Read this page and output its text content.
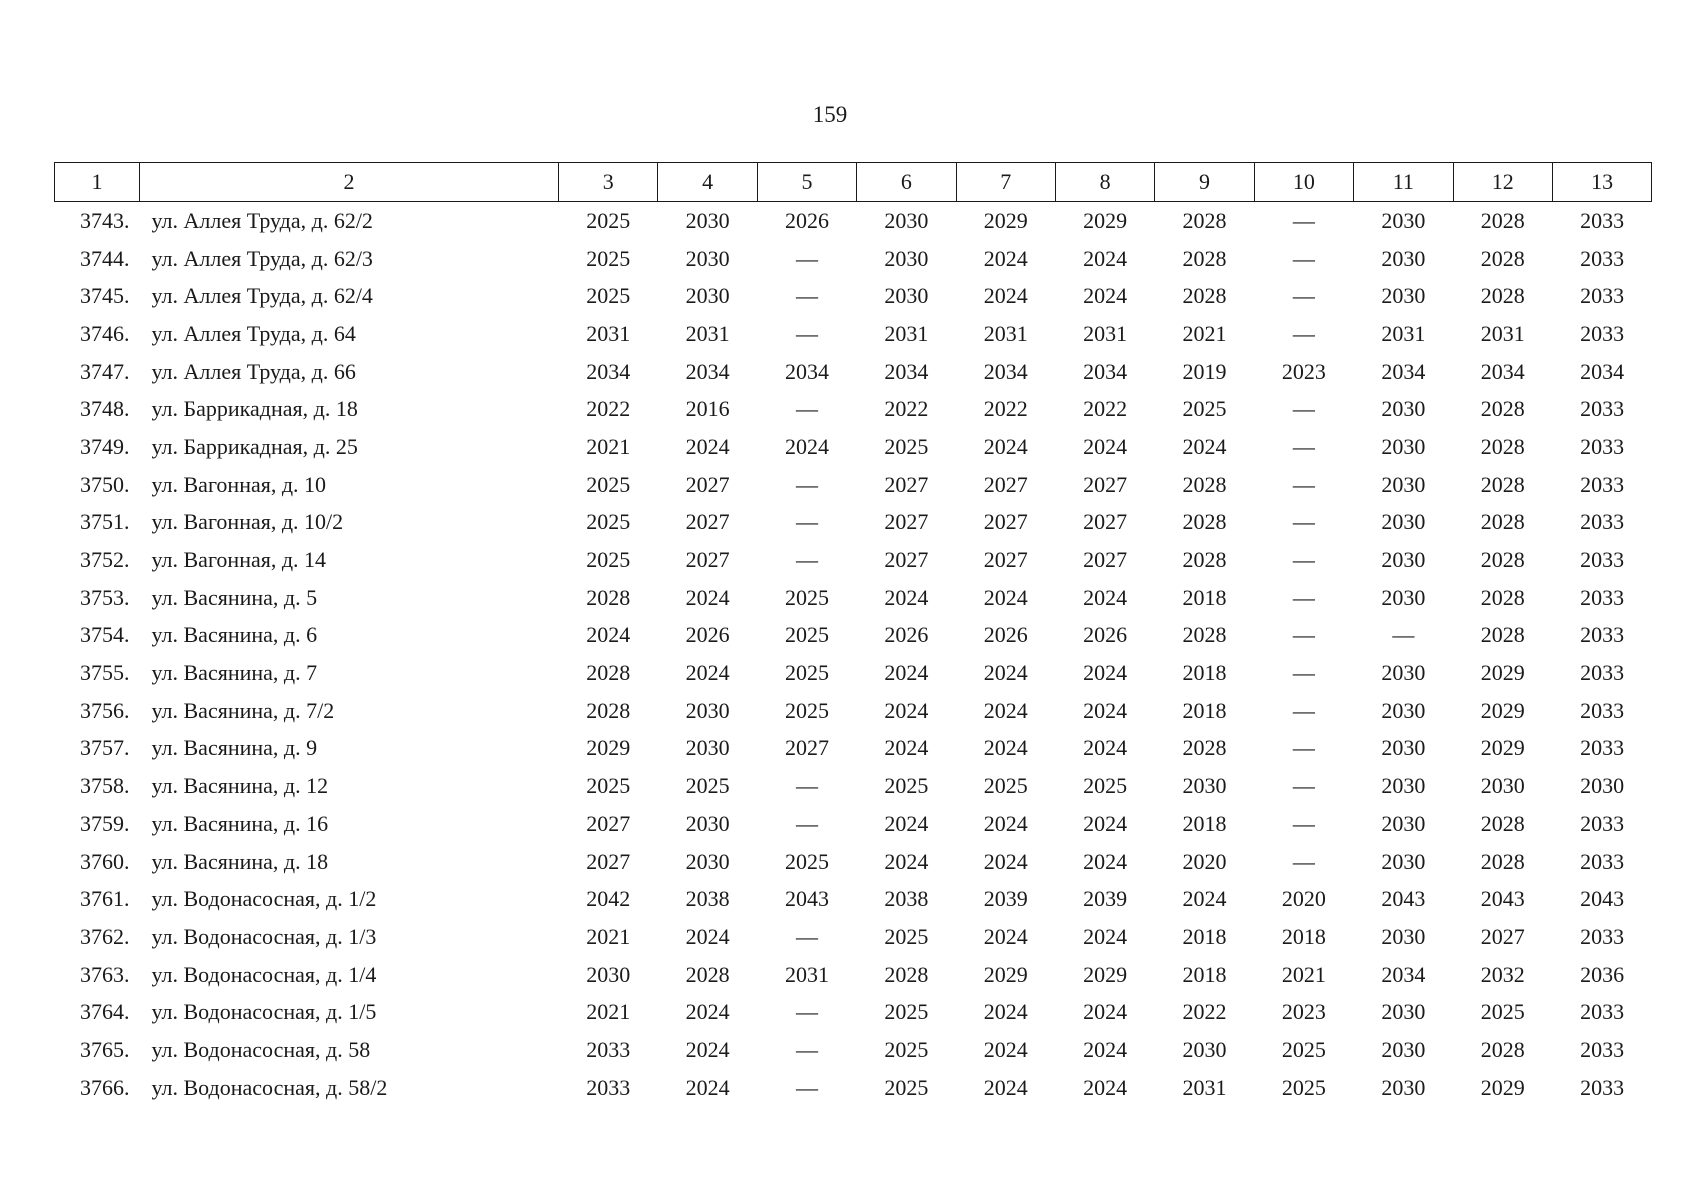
159
1	2	3	4	5	6	7	8	9	10	11	12	13
3743.	ул. Аллея Труда, д. 62/2	2025	2030	2026	2030	2029	2029	2028	—	2030	2028	2033
3744.	ул. Аллея Труда, д. 62/3	2025	2030	—	2030	2024	2024	2028	—	2030	2028	2033
3745.	ул. Аллея Труда, д. 62/4	2025	2030	—	2030	2024	2024	2028	—	2030	2028	2033
3746.	ул. Аллея Труда, д. 64	2031	2031	—	2031	2031	2031	2021	—	2031	2031	2033
3747.	ул. Аллея Труда, д. 66	2034	2034	2034	2034	2034	2034	2019	2023	2034	2034	2034
3748.	ул. Баррикадная, д. 18	2022	2016	—	2022	2022	2022	2025	—	2030	2028	2033
3749.	ул. Баррикадная, д. 25	2021	2024	2024	2025	2024	2024	2024	—	2030	2028	2033
3750.	ул. Вагонная, д. 10	2025	2027	—	2027	2027	2027	2028	—	2030	2028	2033
3751.	ул. Вагонная, д. 10/2	2025	2027	—	2027	2027	2027	2028	—	2030	2028	2033
3752.	ул. Вагонная, д. 14	2025	2027	—	2027	2027	2027	2028	—	2030	2028	2033
3753.	ул. Васянина, д. 5	2028	2024	2025	2024	2024	2024	2018	—	2030	2028	2033
3754.	ул. Васянина, д. 6	2024	2026	2025	2026	2026	2026	2028	—	—	2028	2033
3755.	ул. Васянина, д. 7	2028	2024	2025	2024	2024	2024	2018	—	2030	2029	2033
3756.	ул. Васянина, д. 7/2	2028	2030	2025	2024	2024	2024	2018	—	2030	2029	2033
3757.	ул. Васянина, д. 9	2029	2030	2027	2024	2024	2024	2028	—	2030	2029	2033
3758.	ул. Васянина, д. 12	2025	2025	—	2025	2025	2025	2030	—	2030	2030	2030
3759.	ул. Васянина, д. 16	2027	2030	—	2024	2024	2024	2018	—	2030	2028	2033
3760.	ул. Васянина, д. 18	2027	2030	2025	2024	2024	2024	2020	—	2030	2028	2033
3761.	ул. Водонасосная, д. 1/2	2042	2038	2043	2038	2039	2039	2024	2020	2043	2043	2043
3762.	ул. Водонасосная, д. 1/3	2021	2024	—	2025	2024	2024	2018	2018	2030	2027	2033
3763.	ул. Водонасосная, д. 1/4	2030	2028	2031	2028	2029	2029	2018	2021	2034	2032	2036
3764.	ул. Водонасосная, д. 1/5	2021	2024	—	2025	2024	2024	2022	2023	2030	2025	2033
3765.	ул. Водонасосная, д. 58	2033	2024	—	2025	2024	2024	2030	2025	2030	2028	2033
3766.	ул. Водонасосная, д. 58/2	2033	2024	—	2025	2024	2024	2031	2025	2030	2029	2033
